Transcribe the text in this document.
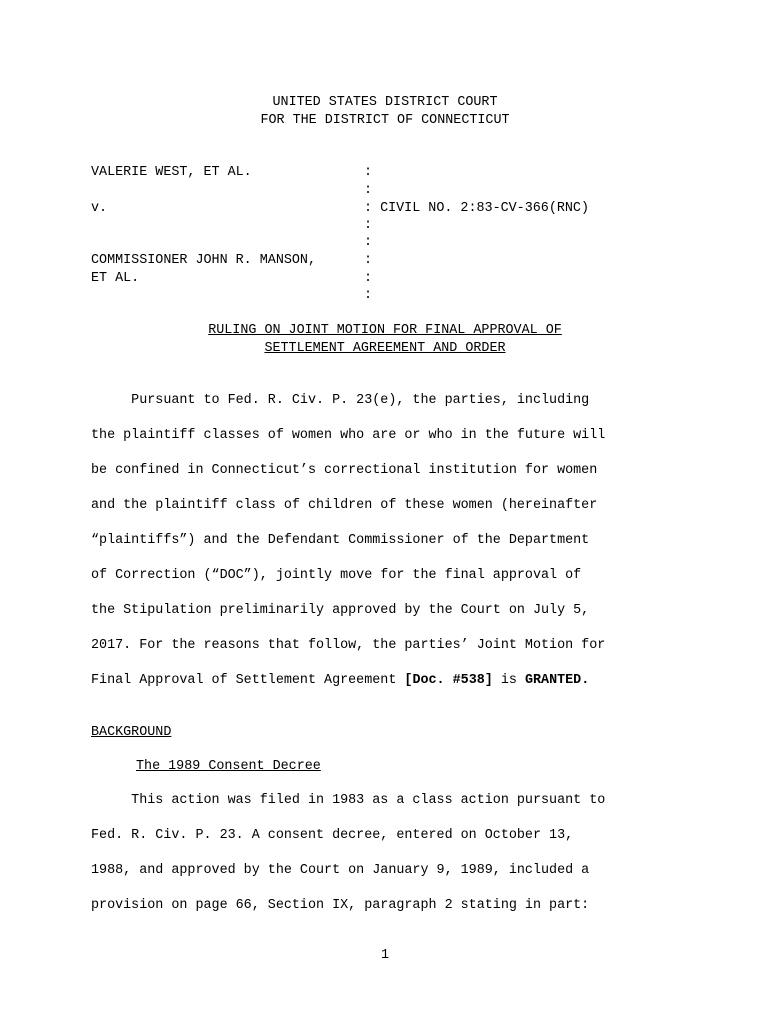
UNITED STATES DISTRICT COURT
FOR THE DISTRICT OF CONNECTICUT
VALERIE WEST, ET AL.	:
:
v.	: CIVIL NO. 2:83-CV-366(RNC)
:
:
COMMISSIONER JOHN R. MANSON,	:
ET AL.	:
:
RULING ON JOINT MOTION FOR FINAL APPROVAL OF
SETTLEMENT AGREEMENT AND ORDER
Pursuant to Fed. R. Civ. P. 23(e), the parties, including
the plaintiff classes of women who are or who in the future will
be confined in Connecticut’s correctional institution for women
and the plaintiff class of children of these women (hereinafter
“plaintiffs”) and the Defendant Commissioner of the Department
of Correction (“DOC”), jointly move for the final approval of
the Stipulation preliminarily approved by the Court on July 5,
2017. For the reasons that follow, the parties’ Joint Motion for
Final Approval of Settlement Agreement [Doc. #538] is GRANTED.
BACKGROUND
The 1989 Consent Decree
This action was filed in 1983 as a class action pursuant to
Fed. R. Civ. P. 23. A consent decree, entered on October 13,
1988, and approved by the Court on January 9, 1989, included a
provision on page 66, Section IX, paragraph 2 stating in part:
1
